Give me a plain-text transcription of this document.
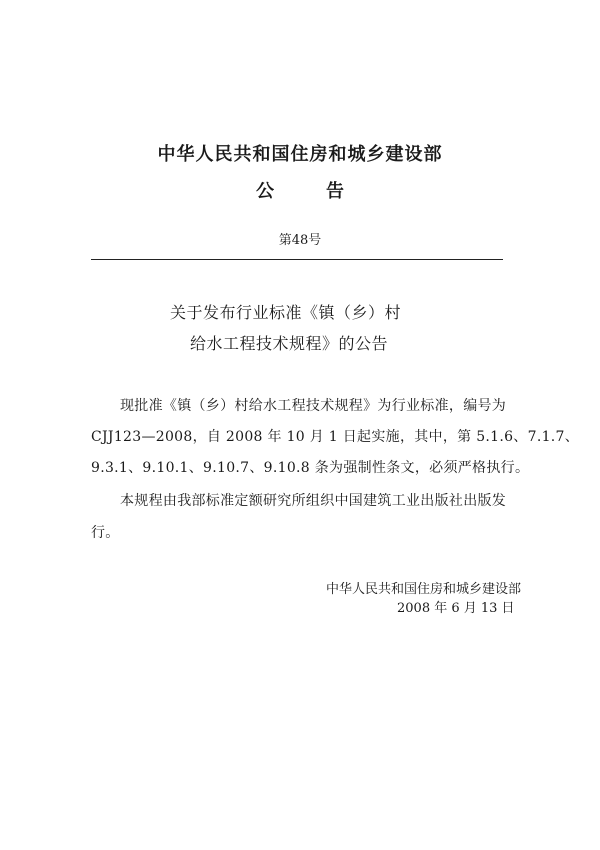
中华人民共和国住房和城乡建设部
公告
第48号
关于发布行业标准《镇（乡）村
给水工程技术规程》的公告
现批准《镇（乡）村给水工程技术规程》为行业标准，编号为
CJJ123—2008，自 2008 年 10 月 1 日起实施，其中，第 5.1.6、7.1.7、
9.3.1、9.10.1、9.10.7、9.10.8 条为强制性条文，必须严格执行。
本规程由我部标准定额研究所组织中国建筑工业出版社出版发
行。
中华人民共和国住房和城乡建设部
2008 年 6 月 13 日
